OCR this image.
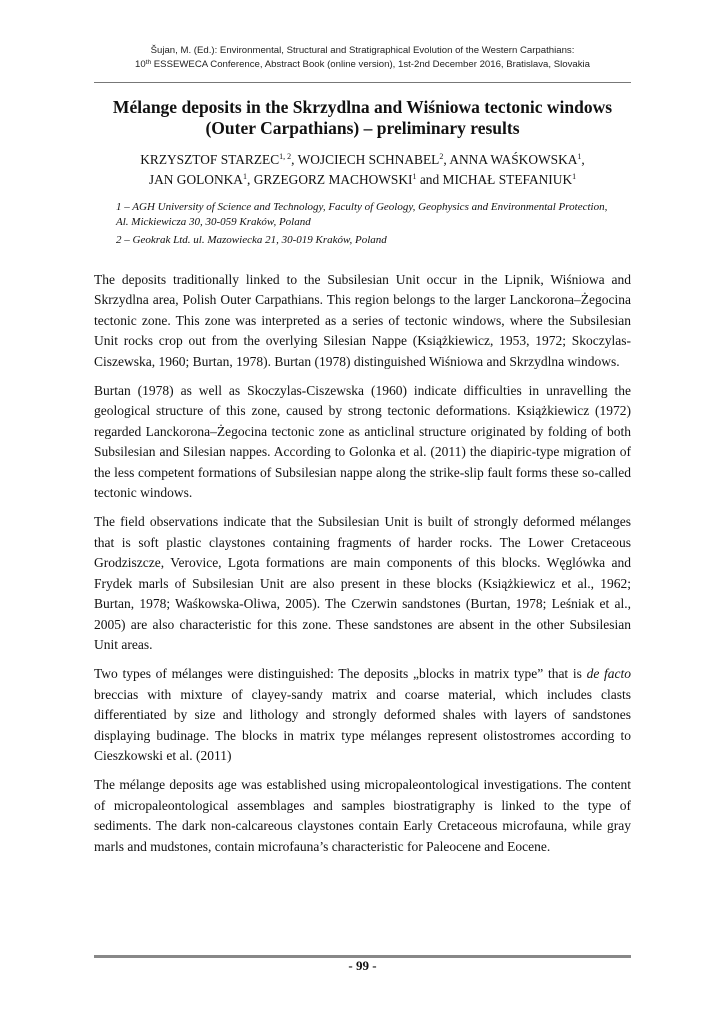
Šujan, M. (Ed.): Environmental, Structural and Stratigraphical Evolution of the Western Carpathians:
10th ESSEWECA Conference, Abstract Book (online version), 1st-2nd December 2016, Bratislava, Slovakia
Mélange deposits in the Skrzydlna and Wiśniowa tectonic windows
(Outer Carpathians) – preliminary results
KRZYSZTOF STARZEC$^{1, 2}$, WOJCIECH SCHNABEL$^2$, ANNA WAŚKOWSKA$^1$,
JAN GOLONKA$^1$, GRZEGORZ MACHOWSKI$^1$ and MICHAŁ STEFANIUK$^1$
1 – AGH University of Science and Technology, Faculty of Geology, Geophysics and Environmental Protection, Al. Mickiewicza 30, 30-059 Kraków, Poland
2 – Geokrak Ltd. ul. Mazowiecka 21, 30-019 Kraków, Poland

The deposits traditionally linked to the Subsilesian Unit occur in the Lipnik, Wiśniowa and Skrzydlna area, Polish Outer Carpathians. This region belongs to the larger Lanckorona–Żegocina tectonic zone. This zone was interpreted as a series of tectonic windows, where the Subsilesian Unit rocks crop out from the overlying Silesian Nappe (Książkiewicz, 1953, 1972; Skoczylas-Ciszewska, 1960; Burtan, 1978). Burtan (1978) distinguished Wiśniowa and Skrzydlna windows.

Burtan (1978) as well as Skoczylas-Ciszewska (1960) indicate difficulties in unravelling the geological structure of this zone, caused by strong tectonic deformations. Książkiewicz (1972) regarded Lanckorona–Żegocina tectonic zone as anticlinal structure originated by folding of both Subsilesian and Silesian nappes. According to Golonka et al. (2011) the diapiric-type migration of the less competent formations of Subsilesian nappe along the strike-slip fault forms these so-called tectonic windows.

The field observations indicate that the Subsilesian Unit is built of strongly deformed mélanges that is soft plastic claystones containing fragments of harder rocks. The Lower Cretaceous Grodziszcze, Verovice, Lgota formations are main components of this blocks. Węglówka and Frydek marls of Subsilesian Unit are also present in these blocks (Książkiewicz et al., 1962; Burtan, 1978; Waśkowska-Oliwa, 2005). The Czerwin sandstones (Burtan, 1978; Leśniak et al., 2005) are also characteristic for this zone. These sandstones are absent in the other Subsilesian Unit areas.

Two types of mélanges were distinguished: The deposits „blocks in matrix type” that is de facto breccias with mixture of clayey-sandy matrix and coarse material, which includes clasts differentiated by size and lithology and strongly deformed shales with layers of sandstones displaying budinage. The blocks in matrix type mélanges represent olistostromes according to Cieszkowski et al. (2011)

The mélange deposits age was established using micropaleontological investigations. The content of micropaleontological assemblages and samples biostratigraphy is linked to the type of sediments. The dark non-calcareous claystones contain Early Cretaceous microfauna, while gray marls and mudstones, contain microfauna’s characteristic for Paleocene and Eocene.

- 99 -
